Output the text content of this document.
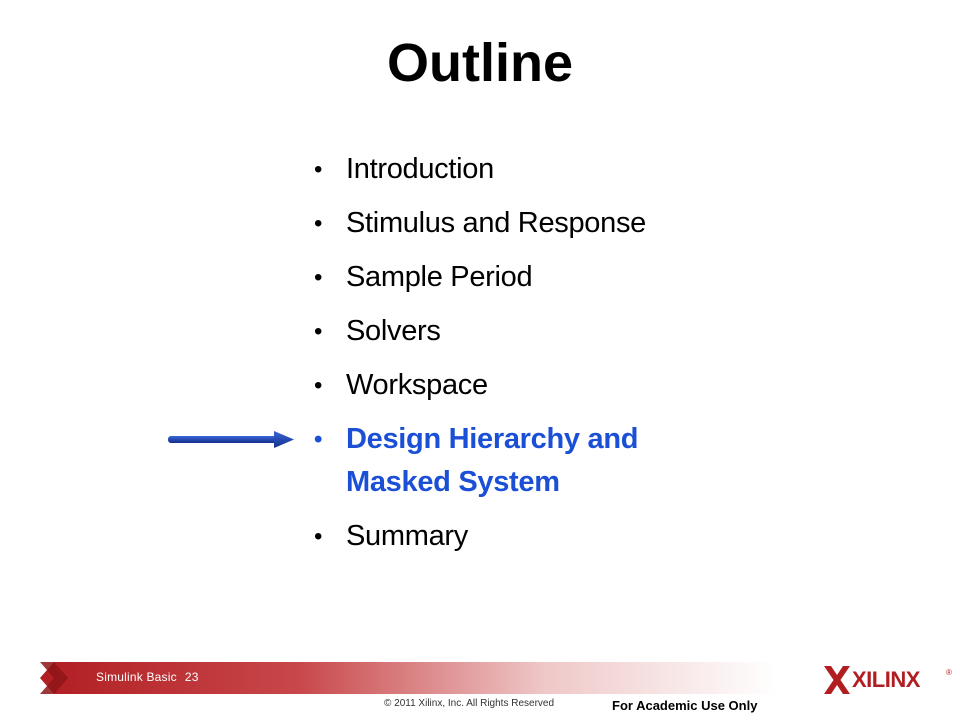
Outline
• Introduction
• Stimulus and Response
• Sample Period
• Solvers
• Workspace
• Design Hierarchy and
Masked System
• Summary
Simulink Basic 23	XILINX	®
© 2011 Xilinx, Inc. All Rights Reserved	For Academic Use Only
